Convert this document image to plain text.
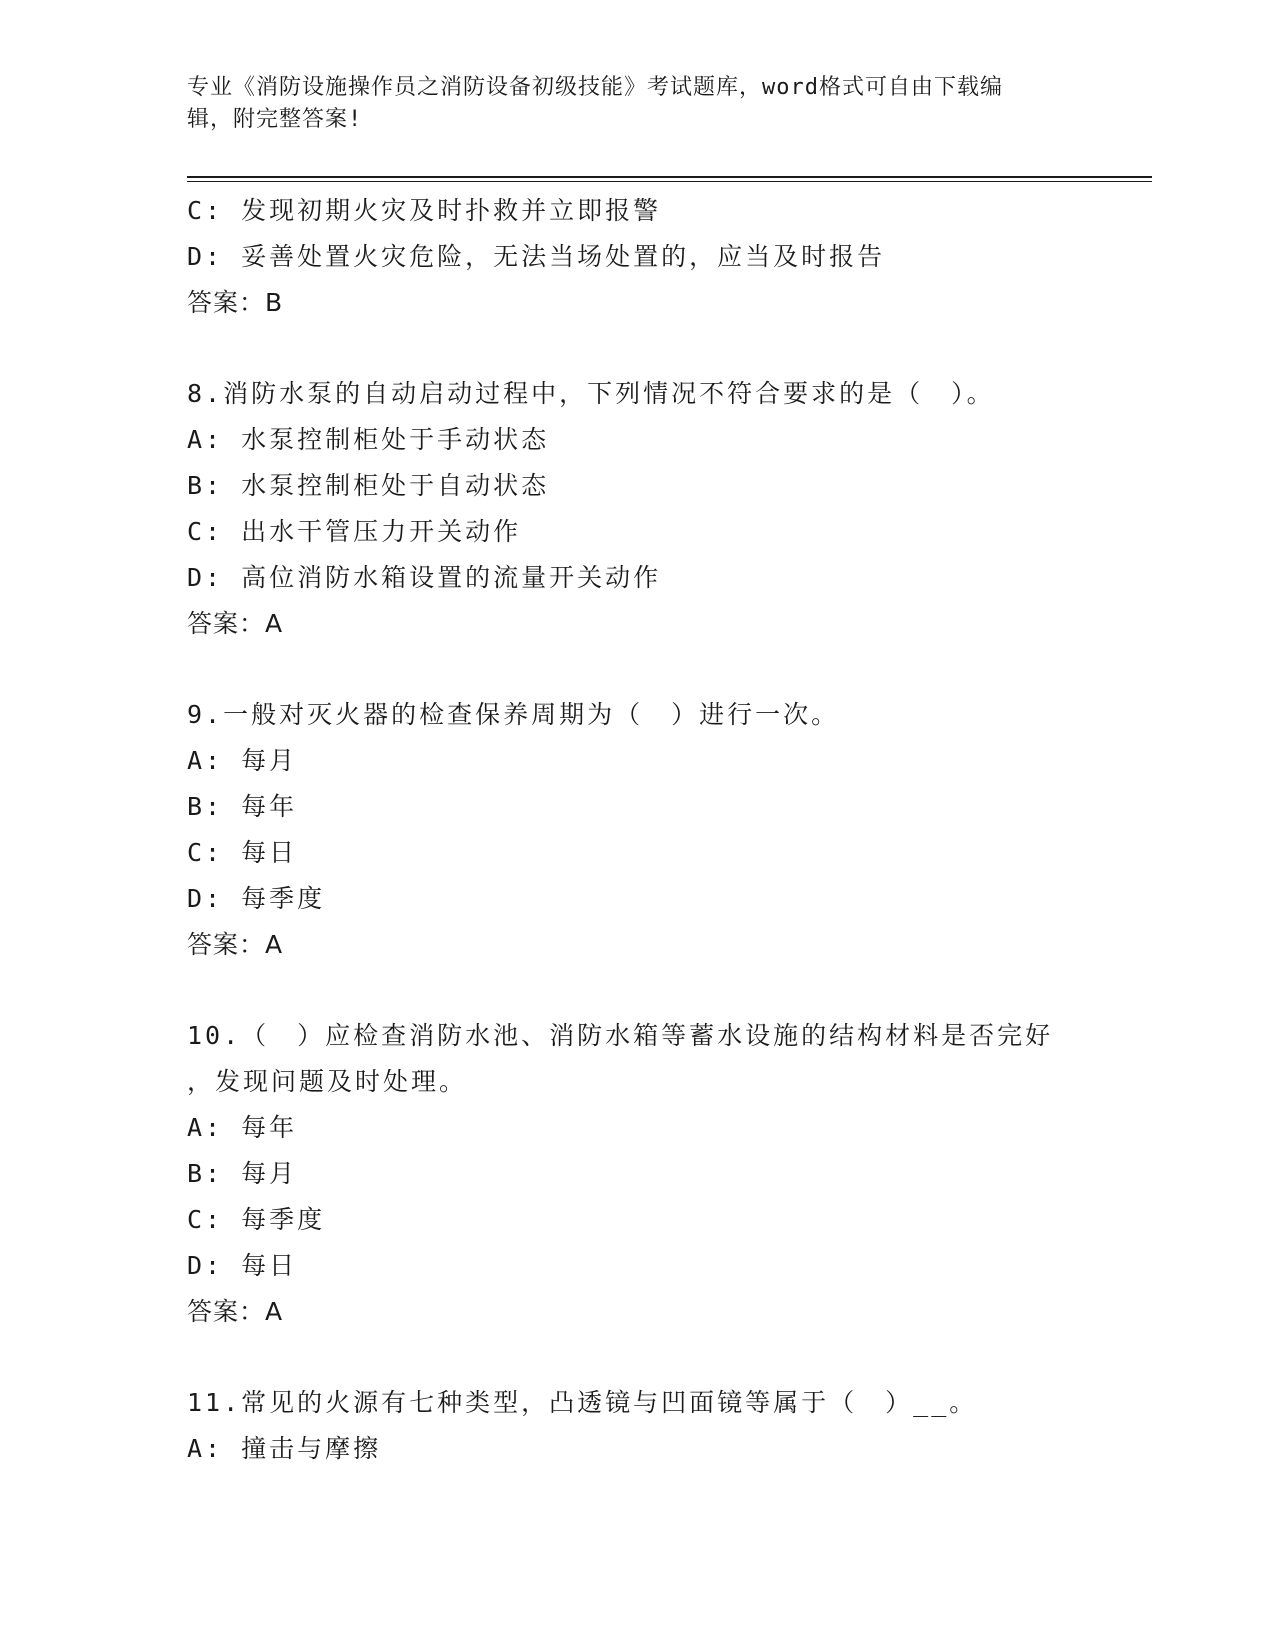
专业《消防设施操作员之消防设备初级技能》考试题库，word格式可自由下载编
辑，附完整答案!
C: 发现初期火灾及时扑救并立即报警
D: 妥善处置火灾危险，无法当场处置的，应当及时报告
答案：B
8.消防水泵的自动启动过程中，下列情况不符合要求的是（　）。
A: 水泵控制柜处于手动状态
B: 水泵控制柜处于自动状态
C: 出水干管压力开关动作
D: 高位消防水箱设置的流量开关动作
答案：A
9.一般对灭火器的检查保养周期为（　）进行一次。
A: 每月
B: 每年
C: 每日
D: 每季度
答案：A
10.（　）应检查消防水池、消防水箱等蓄水设施的结构材料是否完好
，发现问题及时处理。
A: 每年
B: 每月
C: 每季度
D: 每日
答案：A
11.常见的火源有七种类型，凸透镜与凹面镜等属于（　）__。
A: 撞击与摩擦
